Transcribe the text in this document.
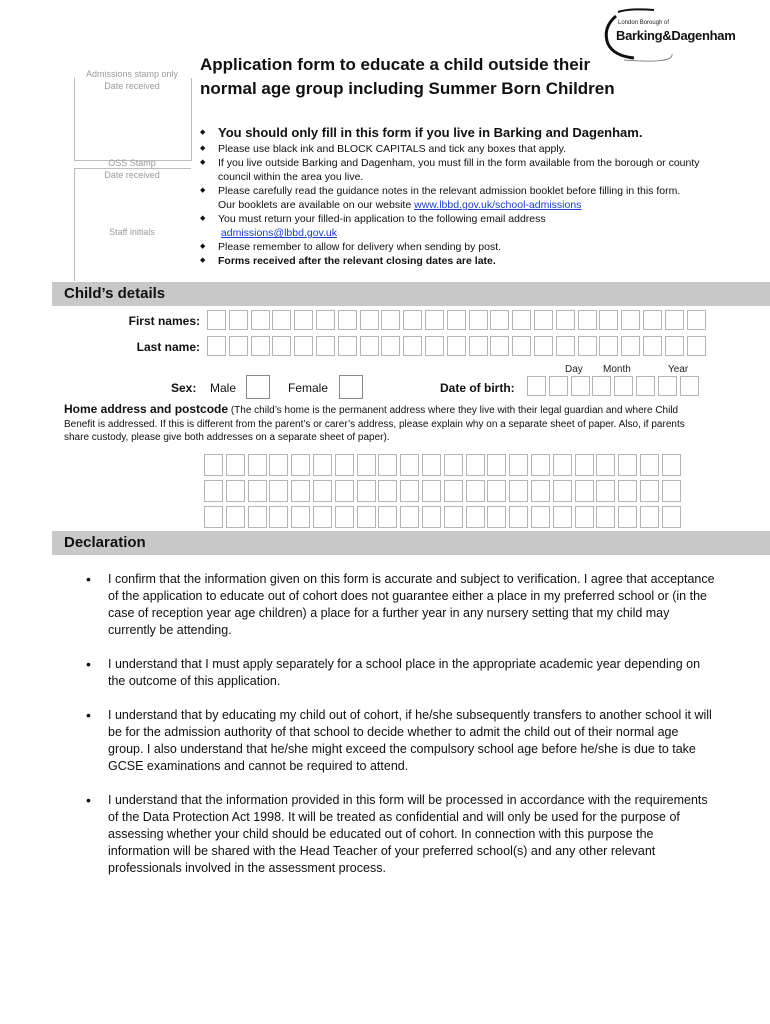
London Borough of
Barking&Dagenham
Admissions stamp only
Date received
OSS Stamp
Date received
Staff initials
Application form to educate a child outside their normal age group including Summer Born Children
◆ You should only fill in this form if you live in Barking and Dagenham.
◆ Please use black ink and BLOCK CAPITALS and tick any boxes that apply.
◆ If you live outside Barking and Dagenham, you must fill in the form available from the borough or county council within the area you live.
◆ Please carefully read the guidance notes in the relevant admission booklet before filling in this form. Our booklets are available on our website www.lbbd.gov.uk/school-admissions
◆ You must return your filled-in application to the following email address
admissions@lbbd.gov.uk
◆ Please remember to allow for delivery when sending by post.
◆ Forms received after the relevant closing dates are late.
Child’s details
First names:
Last name:
Day Month	Year
Sex: Male	Female	Date of birth:
Home address and postcode (The child’s home is the permanent address where they live with their legal guardian and where Child Benefit is addressed. If this is different from the parent’s or carer’s address, please explain why on a separate sheet of paper. Also, if parents share custody, please give both addresses on a separate sheet of paper).
Declaration
• I confirm that the information given on this form is accurate and subject to verification. I agree that acceptance of the application to educate out of cohort does not guarantee either a place in my preferred school or (in the case of reception year age children) a place for a further year in any nursery setting that my child may currently be attending.
• I understand that I must apply separately for a school place in the appropriate academic year depending on the outcome of this application.
• I understand that by educating my child out of cohort, if he/she subsequently transfers to another school it will be for the admission authority of that school to decide whether to admit the child out of their normal age group. I also understand that he/she might exceed the compulsory school age before he/she is due to take GCSE examinations and cannot be required to attend.
• I understand that the information provided in this form will be processed in accordance with the requirements of the Data Protection Act 1998. It will be treated as confidential and will only be used for the purpose of assessing whether your child should be educated out of cohort. In connection with this purpose the information will be shared with the Head Teacher of your preferred school(s) and any other relevant professionals involved in the assessment process.
